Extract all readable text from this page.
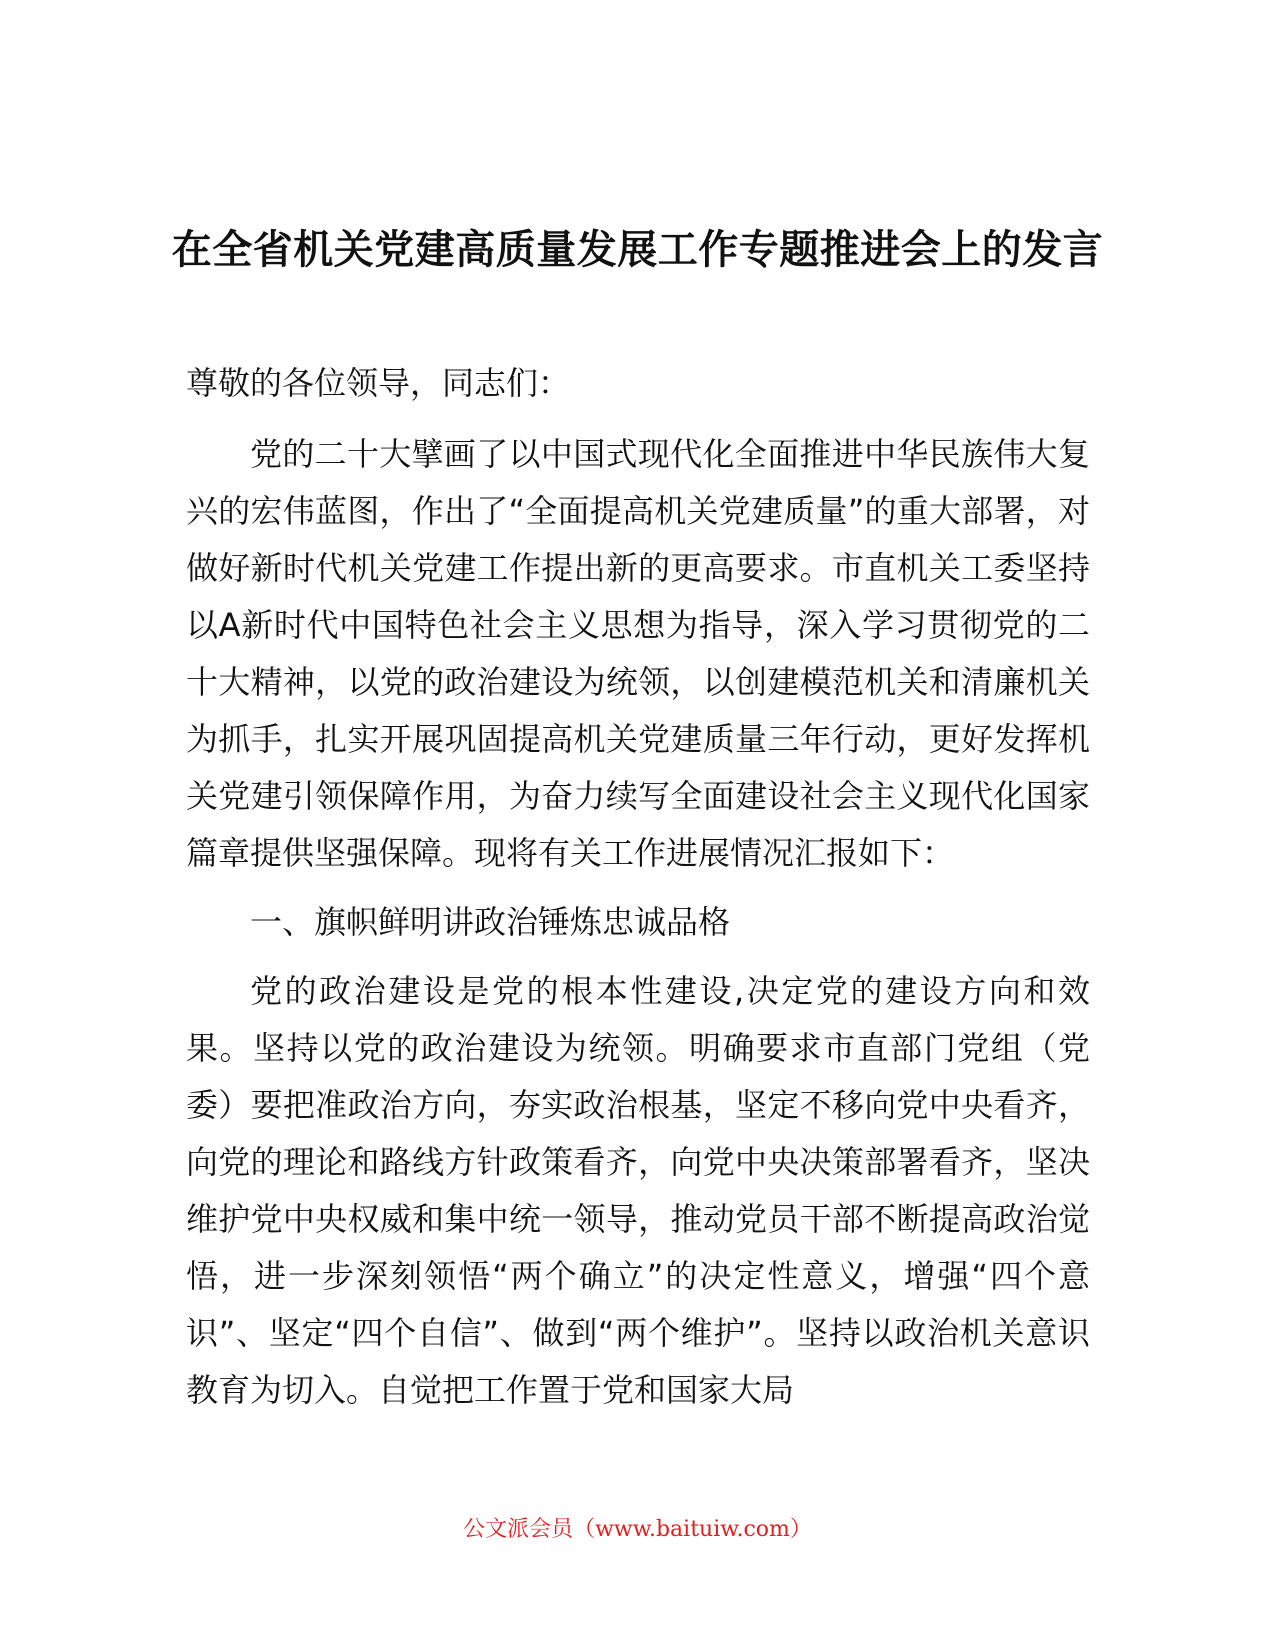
在全省机关党建高质量发展工作专题推进会上的发言

尊敬的各位领导，同志们：

党的二十大擘画了以中国式现代化全面推进中华民族伟大复兴的宏伟蓝图，作出了“全面提高机关党建质量”的重大部署，对做好新时代机关党建工作提出新的更高要求。市直机关工委坚持以A新时代中国特色社会主义思想为指导，深入学习贯彻党的二十大精神，以党的政治建设为统领，以创建模范机关和清廉机关为抓手，扎实开展巩固提高机关党建质量三年行动，更好发挥机关党建引领保障作用，为奋力续写全面建设社会主义现代化国家篇章提供坚强保障。现将有关工作进展情况汇报如下：

一、旗帜鲜明讲政治锤炼忠诚品格

党的政治建设是党的根本性建设,决定党的建设方向和效果。坚持以党的政治建设为统领。明确要求市直部门党组（党委）要把准政治方向，夯实政治根基，坚定不移向党中央看齐，向党的理论和路线方针政策看齐，向党中央决策部署看齐，坚决维护党中央权威和集中统一领导，推动党员干部不断提高政治觉悟，进一步深刻领悟“两个确立”的决定性意义，增强“四个意识”、坚定“四个自信”、做到“两个维护”。坚持以政治机关意识教育为切入。自觉把工作置于党和国家大局

公文派会员（www.baituiw.com）
